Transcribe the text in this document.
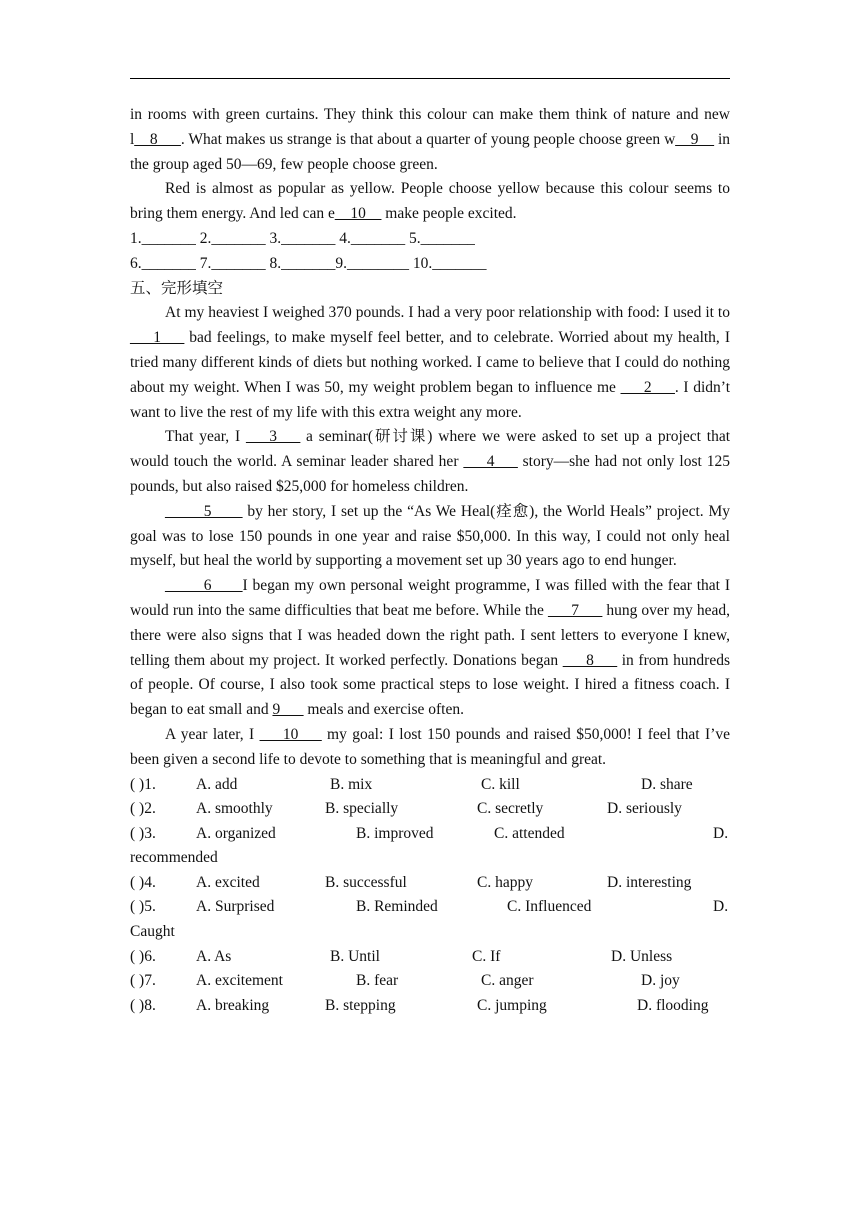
in rooms with green curtains. They think this colour can make them think of nature and new l__8___. What makes us strange is that about a quarter of young people choose green w__9__ in the group aged 50—69, few people choose green.

Red is almost as popular as yellow. People choose yellow because this colour seems to bring them energy. And led can e__10__ make people excited.

1._______ 2._______ 3._______ 4._______ 5._______
6._______ 7._______ 8._______9.________ 10._______
五、完形填空

At my heaviest I weighed 370 pounds. I had a very poor relationship with food: I used it to ___1___ bad feelings, to make myself feel better, and to celebrate. Worried about my health, I tried many different kinds of diets but nothing worked. I came to believe that I could do nothing about my weight. When I was 50, my weight problem began to influence me ___2___. I didn’t want to live the rest of my life with this extra weight any more.

That year, I ___3___ a seminar(研讨课) where we were asked to set up a project that would touch the world. A seminar leader shared her ___4___ story—she had not only lost 125 pounds, but also raised $25,000 for homeless children.

_____5____ by her story, I set up the “As We Heal(痊愈), the World Heals” project. My goal was to lose 150 pounds in one year and raise $50,000. In this way, I could not only heal myself, but heal the world by supporting a movement set up 30 years ago to end hunger.

_____6____I began my own personal weight programme, I was filled with the fear that I would run into the same difficulties that beat me before. While the ___7___ hung over my head, there were also signs that I was headed down the right path. I sent letters to everyone I knew, telling them about my project. It worked perfectly. Donations began ___8___ in from hundreds of people. Of course, I also took some practical steps to lose weight. I hired a fitness coach. I began to eat small and 9___ meals and exercise often.

A year later, I ___10___ my goal: I lost 150 pounds and raised $50,000! I feel that I’ve been given a second life to devote to something that is meaningful and great.

( )1.	A. add	B. mix	C. kill	D. share
( )2.	A. smoothly	B. specially	C. secretly	D. seriously
( )3.	A. organized	B. improved	C. attended	D.
recommended
( )4.	A. excited	B. successful	C. happy	D. interesting
( )5.	A. Surprised	B. Reminded	C. Influenced	D.
Caught
( )6.	A. As	B. Until	C. If	D. Unless
( )7.	A. excitement	B. fear	C. anger	D. joy
( )8.	A. breaking	B. stepping	C. jumping	D. flooding
